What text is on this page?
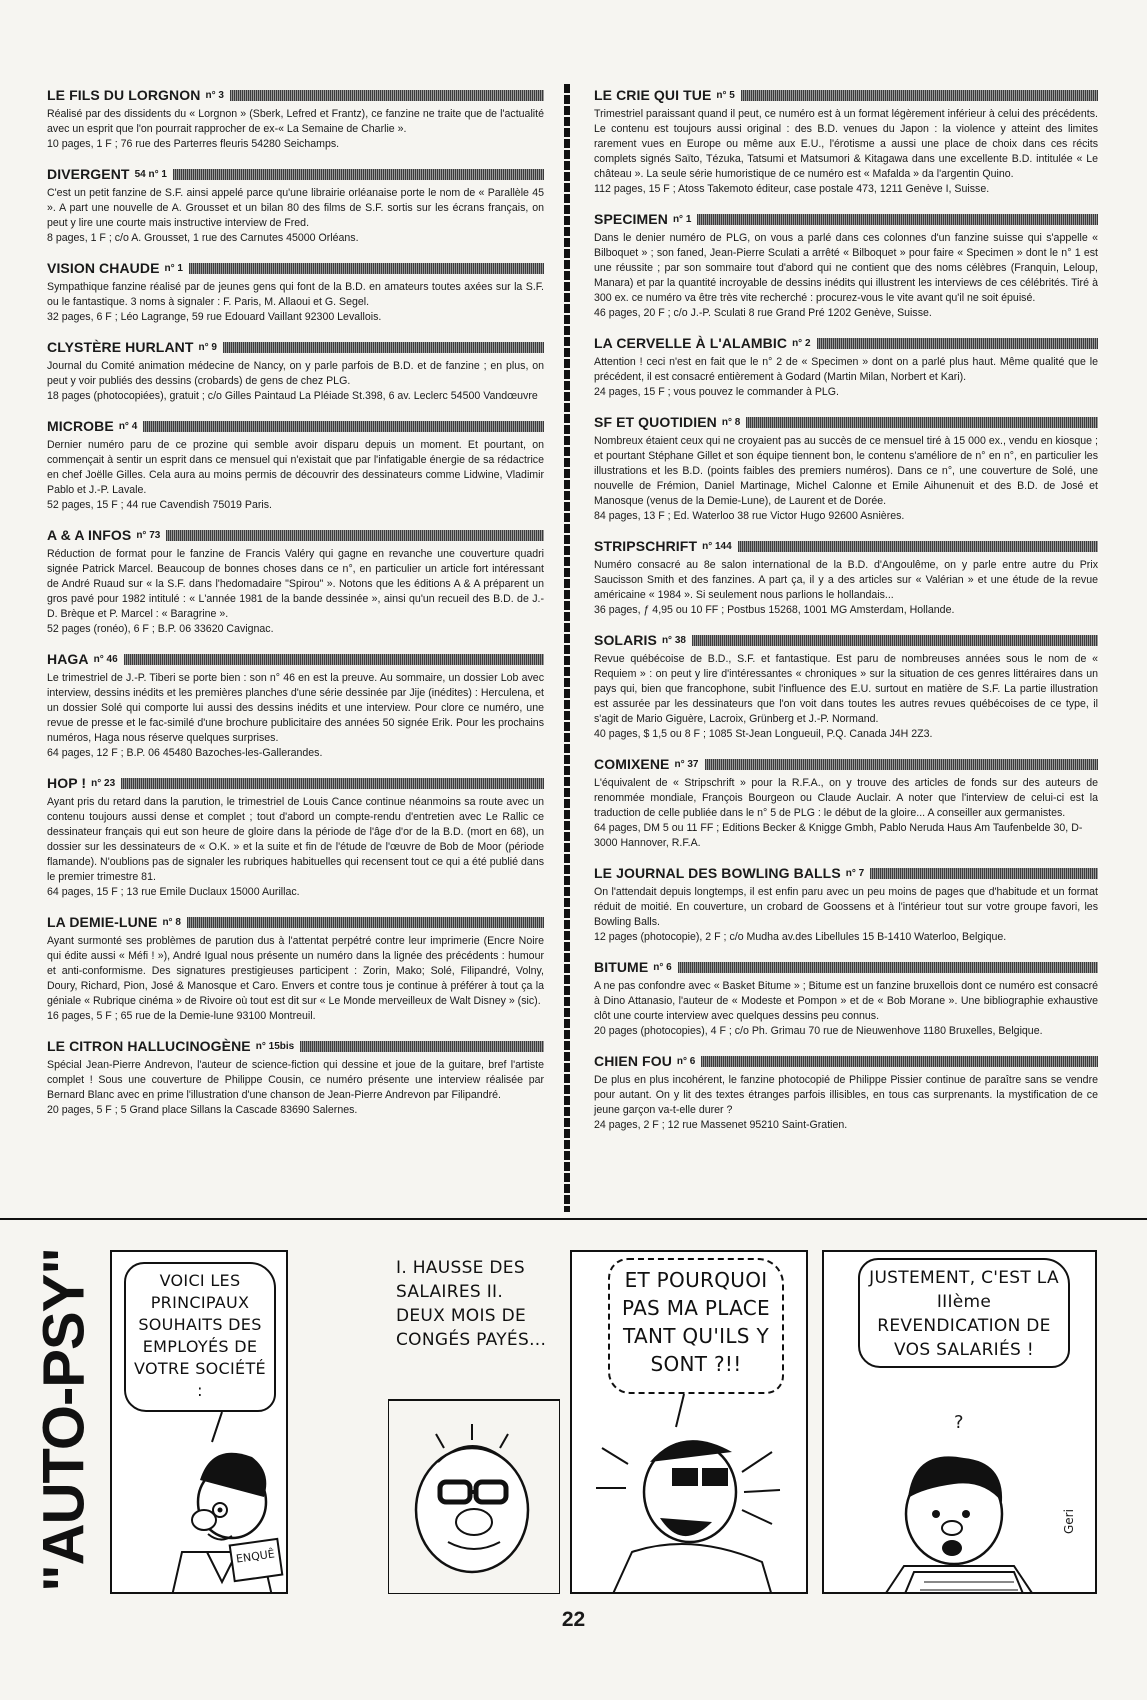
LE FILS DU LORGNON n° 3

Réalisé par des dissidents du « Lorgnon » (Sberk, Lefred et Frantz), ce fanzine ne traite que de l'actualité avec un esprit que l'on pourrait rapprocher de ex-« La Semaine de Charlie ».

10 pages, 1 F ; 76 rue des Parterres fleuris 54280 Seichamps.

DIVERGENT 54 n° 1

C'est un petit fanzine de S.F. ainsi appelé parce qu'une librairie orléanaise porte le nom de « Parallèle 45 ». A part une nouvelle de A. Grousset et un bilan 80 des films de S.F. sortis sur les écrans français, on peut y lire une courte mais instructive interview de Fred.

8 pages, 1 F ; c/o A. Grousset, 1 rue des Carnutes 45000 Orléans.

VISION CHAUDE n° 1

Sympathique fanzine réalisé par de jeunes gens qui font de la B.D. en amateurs toutes axées sur la S.F. ou le fantastique. 3 noms à signaler : F. Paris, M. Allaoui et G. Segel.

32 pages, 6 F ; Léo Lagrange, 59 rue Edouard Vaillant 92300 Levallois.

CLYSTÈRE HURLANT n° 9

Journal du Comité animation médecine de Nancy, on y parle parfois de B.D. et de fanzine ; en plus, on peut y voir publiés des dessins (crobards) de gens de chez PLG.

18 pages (photocopiées), gratuit ; c/o Gilles Paintaud La Pléiade St.398, 6 av. Leclerc 54500 Vandœuvre

MICROBE n° 4

Dernier numéro paru de ce prozine qui semble avoir disparu depuis un moment. Et pourtant, on commençait à sentir un esprit dans ce mensuel qui n'existait que par l'infatigable énergie de sa rédactrice en chef Joëlle Gilles. Cela aura au moins permis de découvrir des dessinateurs comme Lidwine, Vladimir Pablo et J.-P. Lavale.

52 pages, 15 F ; 44 rue Cavendish 75019 Paris.

A & A INFOS n° 73

Réduction de format pour le fanzine de Francis Valéry qui gagne en revanche une couverture quadri signée Patrick Marcel. Beaucoup de bonnes choses dans ce n°, en particulier un article fort intéressant de André Ruaud sur « la S.F. dans l'hedomadaire "Spirou" ». Notons que les éditions A & A préparent un gros pavé pour 1982 intitulé : « L'année 1981 de la bande dessinée », ainsi qu'un recueil des B.D. de J.-D. Brèque et P. Marcel : « Baragrine ».

52 pages (ronéo), 6 F ; B.P. 06 33620 Cavignac.

HAGA n° 46

Le trimestriel de J.-P. Tiberi se porte bien : son n° 46 en est la preuve. Au sommaire, un dossier Lob avec interview, dessins inédits et les premières planches d'une série dessinée par Jije (inédites) : Herculena, et un dossier Solé qui comporte lui aussi des dessins inédits et une interview. Pour clore ce numéro, une revue de presse et le fac-similé d'une brochure publicitaire des années 50 signée Erik. Pour les prochains numéros, Haga nous réserve quelques surprises.

64 pages, 12 F ; B.P. 06 45480 Bazoches-les-Gallerandes.

HOP ! n° 23

Ayant pris du retard dans la parution, le trimestriel de Louis Cance continue néanmoins sa route avec un contenu toujours aussi dense et complet ; tout d'abord un compte-rendu d'entretien avec Le Rallic ce dessinateur français qui eut son heure de gloire dans la période de l'âge d'or de la B.D. (mort en 68), un dossier sur les dessinateurs de « O.K. » et la suite et fin de l'étude de l'œuvre de Bob de Moor (période flamande). N'oublions pas de signaler les rubriques habituelles qui recensent tout ce qui a été publié dans le premier trimestre 81.

64 pages, 15 F ; 13 rue Emile Duclaux 15000 Aurillac.

LA DEMIE-LUNE n° 8

Ayant surmonté ses problèmes de parution dus à l'attentat perpétré contre leur imprimerie (Encre Noire qui édite aussi « Méfi ! »), André Igual nous présente un numéro dans la lignée des précédents : humour et anti-conformisme. Des signatures prestigieuses participent : Zorin, Mako; Solé, Filipandré, Volny, Doury, Richard, Pion, José & Manosque et Caro. Envers et contre tous je continue à préférer à tout ça la géniale « Rubrique cinéma » de Rivoire où tout est dit sur « Le Monde merveilleux de Walt Disney » (sic).

16 pages, 5 F ; 65 rue de la Demie-lune 93100 Montreuil.

LE CITRON HALLUCINOGÈNE n° 15bis

Spécial Jean-Pierre Andrevon, l'auteur de science-fiction qui dessine et joue de la guitare, bref l'artiste complet ! Sous une couverture de Philippe Cousin, ce numéro présente une interview réalisée par Bernard Blanc avec en prime l'illustration d'une chanson de Jean-Pierre Andrevon par Filipandré.

20 pages, 5 F ; 5 Grand place Sillans la Cascade 83690 Salernes.

LE CRIE QUI TUE n° 5

Trimestriel paraissant quand il peut, ce numéro est à un format légèrement inférieur à celui des précédents. Le contenu est toujours aussi original : des B.D. venues du Japon : la violence y atteint des limites rarement vues en Europe ou même aux E.U., l'érotisme a aussi une place de choix dans ces récits complets signés Saïto, Tézuka, Tatsumi et Matsumori & Kitagawa dans une excellente B.D. intitulée « Le château ». La seule série humoristique de ce numéro est « Mafalda » da l'argentin Quino.

112 pages, 15 F ; Atoss Takemoto éditeur, case postale 473, 1211 Genève I, Suisse.

SPECIMEN n° 1

Dans le denier numéro de PLG, on vous a parlé dans ces colonnes d'un fanzine suisse qui s'appelle « Bilboquet » ; son faned, Jean-Pierre Sculati a arrêté « Bilboquet » pour faire « Specimen » dont le n° 1 est une réussite ; par son sommaire tout d'abord qui ne contient que des noms célèbres (Franquin, Leloup, Manara) et par la quantité incroyable de dessins inédits qui illustrent les interviews de ces célébrités. Tiré à 300 ex. ce numéro va être très vite recherché : procurez-vous le vite avant qu'il ne soit épuisé.

46 pages, 20 F ; c/o J.-P. Sculati 8 rue Grand Pré 1202 Genève, Suisse.

LA CERVELLE À L'ALAMBIC n° 2

Attention ! ceci n'est en fait que le n° 2 de « Specimen » dont on a parlé plus haut. Même qualité que le précédent, il est consacré entièrement à Godard (Martin Milan, Norbert et Kari).

24 pages, 15 F ; vous pouvez le commander à PLG.

SF ET QUOTIDIEN n° 8

Nombreux étaient ceux qui ne croyaient pas au succès de ce mensuel tiré à 15 000 ex., vendu en kiosque ; et pourtant Stéphane Gillet et son équipe tiennent bon, le contenu s'améliore de n° en n°, en particulier les illustrations et les B.D. (points faibles des premiers numéros). Dans ce n°, une couverture de Solé, une nouvelle de Frémion, Daniel Martinage, Michel Calonne et Emile Aihunenuit et des B.D. de José et Manosque (venus de la Demie-Lune), de Laurent et de Dorée.

84 pages, 13 F ; Ed. Waterloo 38 rue Victor Hugo 92600 Asnières.

STRIPSCHRIFT n° 144

Numéro consacré au 8e salon international de la B.D. d'Angoulême, on y parle entre autre du Prix Saucisson Smith et des fanzines. A part ça, il y a des articles sur « Valérian » et une étude de la revue américaine « 1984 ». Si seulement nous parlions le hollandais...

36 pages, ƒ 4,95 ou 10 FF ; Postbus 15268, 1001 MG Amsterdam, Hollande.

SOLARIS n° 38

Revue québécoise de B.D., S.F. et fantastique. Est paru de nombreuses années sous le nom de « Requiem » : on peut y lire d'intéressantes « chroniques » sur la situation de ces genres littéraires dans un pays qui, bien que francophone, subit l'influence des E.U. surtout en matière de S.F. La partie illustration est assurée par les dessinateurs que l'on voit dans toutes les autres revues québécoises de ce type, il s'agit de Mario Giguère, Lacroix, Grünberg et J.-P. Normand.

40 pages, $ 1,5 ou 8 F ; 1085 St-Jean Longueuil, P.Q. Canada J4H 2Z3.

COMIXENE n° 37

L'équivalent de « Stripschrift » pour la R.F.A., on y trouve des articles de fonds sur des auteurs de renommée mondiale, François Bourgeon ou Claude Auclair. A noter que l'interview de celui-ci est la traduction de celle publiée dans le n° 5 de PLG : le début de la gloire... A conseiller aux germanistes.

64 pages, DM 5 ou 11 FF ; Editions Becker & Knigge Gmbh, Pablo Neruda Haus Am Taufenbelde 30, D-3000 Hannover, R.F.A.

LE JOURNAL DES BOWLING BALLS n° 7

On l'attendait depuis longtemps, il est enfin paru avec un peu moins de pages que d'habitude et un format réduit de moitié. En couverture, un crobard de Goossens et à l'intérieur tout sur votre groupe favori, les Bowling Balls.

12 pages (photocopie), 2 F ; c/o Mudha av.des Libellules 15 B-1410 Waterloo, Belgique.

BITUME n° 6

A ne pas confondre avec « Basket Bitume » ; Bitume est un fanzine bruxellois dont ce numéro est consacré à Dino Attanasio, l'auteur de « Modeste et Pompon » et de « Bob Morane ». Une bibliographie exhaustive clôt une courte interview avec quelques dessins peu connus.

20 pages (photocopies), 4 F ; c/o Ph. Grimau 70 rue de Nieuwenhove 1180 Bruxelles, Belgique.

CHIEN FOU n° 6

De plus en plus incohérent, le fanzine photocopié de Philippe Pissier continue de paraître sans se vendre pour autant. On y lit des textes étranges parfois illisibles, en tous cas surprenants. la mystification de ce jeune garçon va-t-elle durer ?

24 pages, 2 F ; 12 rue Massenet 95210 Saint-Gratien.

"AUTO-PSY"	VOICI LES PRINCIPAUX SOUHAITS DES EMPLOYÉS DE VOTRE SOCIÉTÉ :
ENQUÊ
I. HAUSSE DES SALAIRES II. DEUX MOIS DE CONGÉS PAYÉS...
ET POURQUOI PAS MA PLACE TANT QU'ILS Y SONT ?!!
JUSTEMENT, C'EST LA IIIème REVENDICATION DE VOS SALARIÉS !
?
Geri
22
